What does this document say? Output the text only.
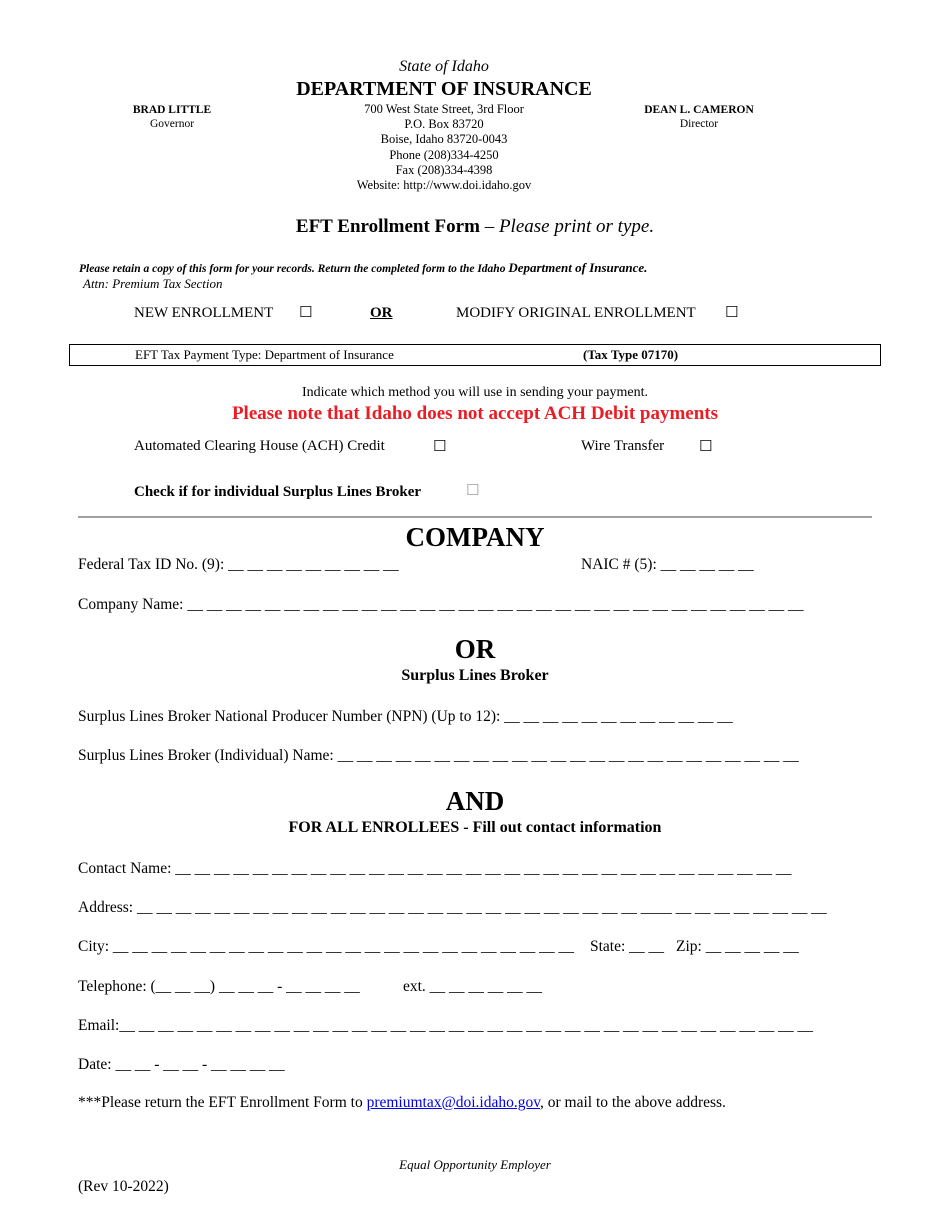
State of Idaho
DEPARTMENT OF INSURANCE
BRAD LITTLE
Governor
700 West State Street, 3rd Floor
P.O. Box 83720
Boise, Idaho 83720-0043
Phone (208)334-4250
Fax (208)334-4398
Website: http://www.doi.idaho.gov
DEAN L. CAMERON
Director
EFT Enrollment Form – Please print or type.
Please retain a copy of this form for your records. Return the completed form to the Idaho Department of Insurance.
Attn: Premium Tax Section
NEW ENROLLMENT ☐	OR	MODIFY ORIGINAL ENROLLMENT ☐
EFT Tax Payment Type: Department of Insurance	(Tax Type 07170)
Indicate which method you will use in sending your payment.
Please note that Idaho does not accept ACH Debit payments
Automated Clearing House (ACH) Credit	☐	Wire Transfer ☐
Check if for individual Surplus Lines Broker	☐
COMPANY
Federal Tax ID No. (9): __ __ __ __ __ __ __ __ __	NAIC # (5): __ __ __ __ __
Company Name: __ __ __ __ __ __ __ __ __ __ __ __ __ __ __ __ __ __ __ __ __ __ __ __ __ __ __ __ __ __ __ __
OR
Surplus Lines Broker
Surplus Lines Broker National Producer Number (NPN) (Up to 12): __ __ __ __ __ __ __ __ __ __ __ __
Surplus Lines Broker (Individual) Name: __ __ __ __ __ __ __ __ __ __ __ __ __ __ __ __ __ __ __ __ __ __ __ __
AND
FOR ALL ENROLLEES - Fill out contact information
Contact Name: __ __ __ __ __ __ __ __ __ __ __ __ __ __ __ __ __ __ __ __ __ __ __ __ __ __ __ __ __ __ __ __
Address: __ __ __ __ __ __ __ __ __ __ __ __ __ __ __ __ __ __ __ __ __ __ __ __ __ __ ____ __ __ __ __ __ __ __ __
City: __ __ __ __ __ __ __ __ __ __ __ __ __ __ __ __ __ __ __ __ __ __ __ __ State: __ __ Zip: __ __ __ __ __
Telephone: (__ __ __) __ __ __ - __ __ __ __	ext. __ __ __ __ __ __
Email:__ __ __ __ __ __ __ __ __ __ __ __ __ __ __ __ __ __ __ __ __ __ __ __ __ __ __ __ __ __ __ __ __ __ __ __
Date: __ __ - __ __ - __ __ __ __
***Please return the EFT Enrollment Form to premiumtax@doi.idaho.gov, or mail to the above address.
Equal Opportunity Employer
(Rev 10-2022)
